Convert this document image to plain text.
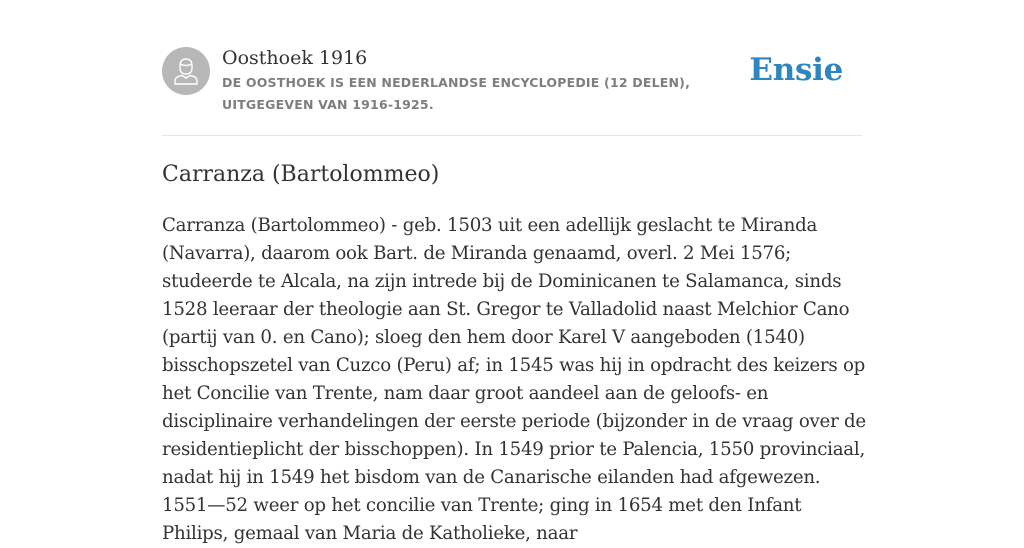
Oosthoek 1916
DE OOSTHOEK IS EEN NEDERLANDSE ENCYCLOPEDIE (12 DELEN), UITGEGEVEN VAN 1916-1925.
Ensie
Carranza (Bartolommeo)

Carranza (Bartolommeo) - geb. 1503 uit een adellijk geslacht te Miranda (Navarra), daarom ook Bart. de Miranda genaamd, overl. 2 Mei 1576; studeerde te Alcala, na zijn intrede bij de Dominicanen te Salamanca, sinds 1528 leeraar der theologie aan St. Gregor te Valladolid naast Melchior Cano (partij van 0. en Cano); sloeg den hem door Karel V aangeboden (1540) bisschopszetel van Cuzco (Peru) af; in 1545 was hij in opdracht des keizers op het Concilie van Trente, nam daar groot aandeel aan de geloofs- en disciplinaire verhandelingen der eerste periode (bijzonder in de vraag over de residentieplicht der bisschoppen). In 1549 prior te Palencia, 1550 provinciaal, nadat hij in 1549 het bisdom van de Canarische eilanden had afgewezen. 1551—52 weer op het concilie van Trente; ging in 1654 met den Infant Philips, gemaal van Maria de Katholieke, naar
